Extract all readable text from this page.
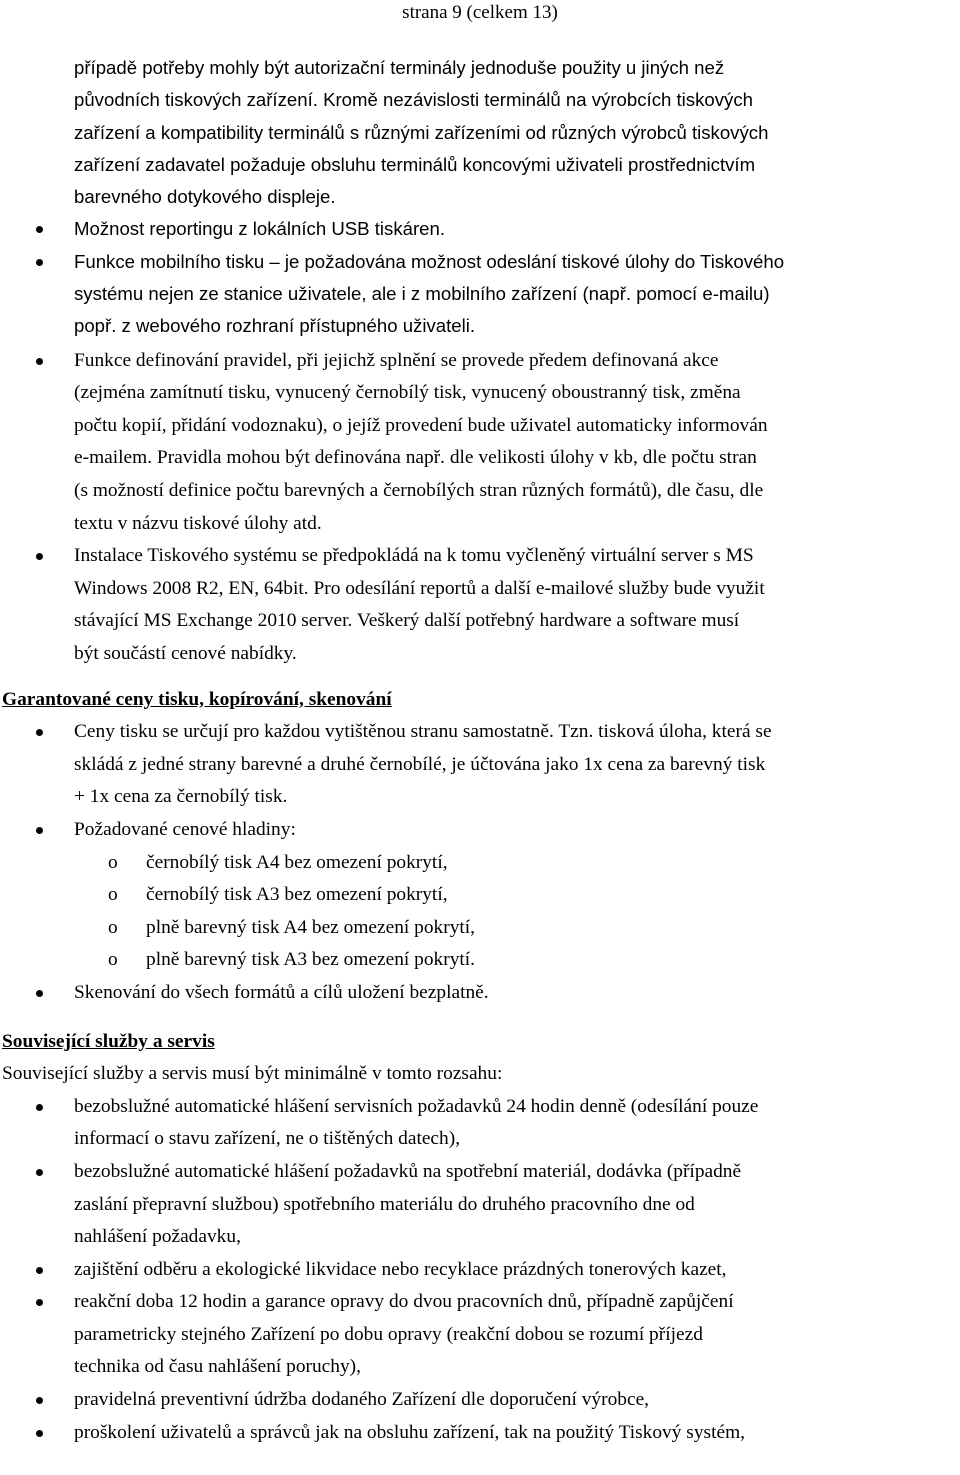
strana 9 (celkem 13)
případě potřeby mohly být autorizační terminály jednoduše použity u jiných než
původních tiskových zařízení. Kromě nezávislosti terminálů na výrobcích tiskových
zařízení a kompatibility terminálů s různými zařízeními od různých výrobců tiskových
zařízení zadavatel požaduje obsluhu terminálů koncovými uživateli prostřednictvím
barevného dotykového displeje.
Možnost reportingu z lokálních USB tiskáren.
Funkce mobilního tisku – je požadována možnost odeslání tiskové úlohy do Tiskového
systému nejen ze stanice uživatele, ale i z mobilního zařízení (např. pomocí e-mailu)
popř. z webového rozhraní přístupného uživateli.
Funkce definování pravidel, při jejichž splnění se provede předem definovaná akce
(zejména zamítnutí tisku, vynucený černobílý tisk, vynucený oboustranný tisk, změna
počtu kopií, přidání vodoznaku), o jejíž provedení bude uživatel automaticky informován
e-mailem. Pravidla mohou být definována např. dle velikosti úlohy v kb, dle počtu stran
(s možností definice počtu barevných a černobílých stran různých formátů), dle času, dle
textu v názvu tiskové úlohy atd.
Instalace Tiskového systému se předpokládá na k tomu vyčleněný virtuální server s MS
Windows 2008 R2, EN, 64bit. Pro odesílání reportů a další e-mailové služby bude využit
stávající MS Exchange 2010 server. Veškerý další potřebný hardware a software musí
být součástí cenové nabídky.
Garantované ceny tisku, kopírování, skenování
Ceny tisku se určují pro každou vytištěnou stranu samostatně. Tzn. tisková úloha, která se
skládá z jedné strany barevné a druhé černobílé, je účtována jako 1x cena za barevný tisk
+ 1x cena za černobílý tisk.
Požadované cenové hladiny:
o černobílý tisk A4 bez omezení pokrytí,
o černobílý tisk A3 bez omezení pokrytí,
o plně barevný tisk A4 bez omezení pokrytí,
o plně barevný tisk A3 bez omezení pokrytí.
Skenování do všech formátů a cílů uložení bezplatně.
Související služby a servis
Související služby a servis musí být minimálně v tomto rozsahu:
bezobslužné automatické hlášení servisních požadavků 24 hodin denně (odesílání pouze
informací o stavu zařízení, ne o tištěných datech),
bezobslužné automatické hlášení požadavků na spotřební materiál, dodávka (případně
zaslání přepravní službou) spotřebního materiálu do druhého pracovního dne od
nahlášení požadavku,
zajištění odběru a ekologické likvidace nebo recyklace prázdných tonerových kazet,
reakční doba 12 hodin a garance opravy do dvou pracovních dnů, případně zapůjčení
parametricky stejného Zařízení po dobu opravy (reakční dobou se rozumí příjezd
technika od času nahlášení poruchy),
pravidelná preventivní údržba dodaného Zařízení dle doporučení výrobce,
proškolení uživatelů a správců jak na obsluhu zařízení, tak na použitý Tiskový systém,
